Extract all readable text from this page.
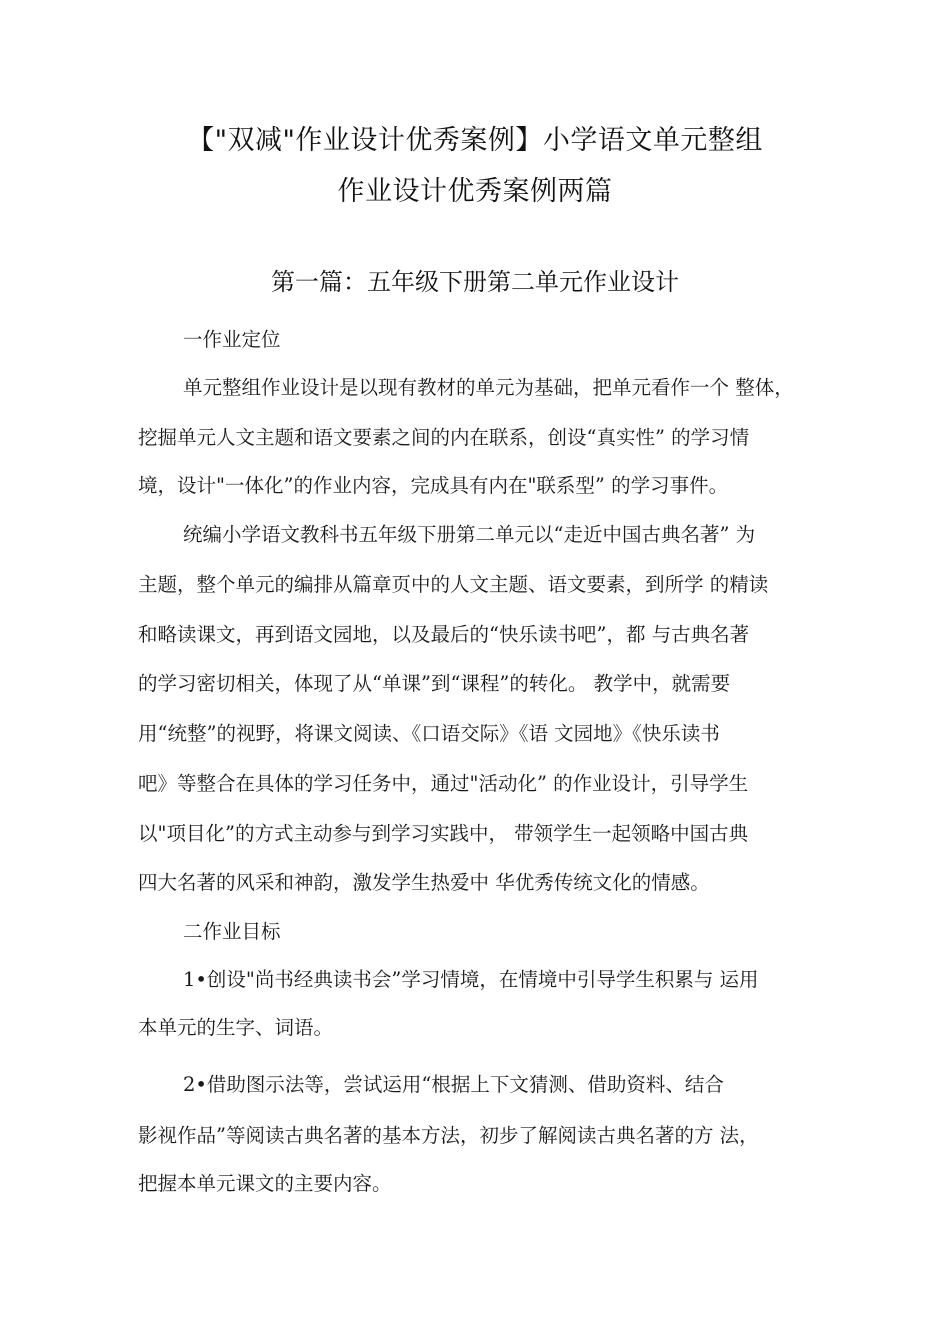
【"双减"作业设计优秀案例】小学语文单元整组
作业设计优秀案例两篇
第一篇：五年级下册第二单元作业设计
一作业定位
单元整组作业设计是以现有教材的单元为基础，把单元看作一个 整体，
挖掘单元人文主题和语文要素之间的内在联系，创设“真实性” 的学习情
境，设计"一体化”的作业内容，完成具有内在"联系型” 的学习事件。
统编小学语文教科书五年级下册第二单元以“走近中国古典名著” 为
主题，整个单元的编排从篇章页中的人文主题、语文要素，到所学 的精读
和略读课文，再到语文园地，以及最后的“快乐读书吧”，都 与古典名著
的学习密切相关，体现了从“单课”到“课程”的转化。 教学中，就需要
用“统整”的视野，将课文阅读、《口语交际》《语 文园地》《快乐读书
吧》等整合在具体的学习任务中，通过"活动化” 的作业设计，引导学生
以"项目化”的方式主动参与到学习实践中， 带领学生一起领略中国古典
四大名著的风采和神韵，激发学生热爱中 华优秀传统文化的情感。
二作业目标
1•创设"尚书经典读书会”学习情境，在情境中引导学生积累与 运用
本单元的生字、词语。
2•借助图示法等，尝试运用“根据上下文猜测、借助资料、结合
影视作品”等阅读古典名著的基本方法，初步了解阅读古典名著的方 法，
把握本单元课文的主要内容。
